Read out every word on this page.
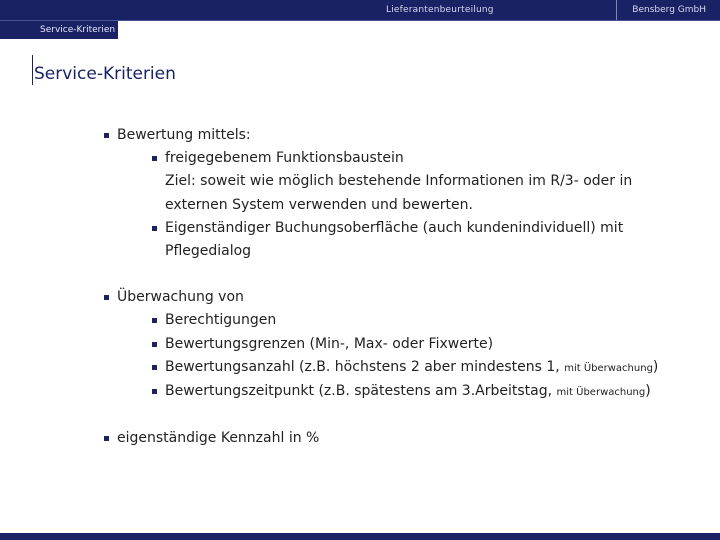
Lieferantenbeurteilung	Bensberg GmbH
Service-Kriterien
Service-Kriterien
Bewertung mittels:
freigegebenem Funktionsbaustein
Ziel: soweit wie möglich bestehende Informationen im R/3- oder in
externen System verwenden und bewerten.
Eigenständiger Buchungsoberfläche (auch kundenindividuell) mit
Pflegedialog
Überwachung von
Berechtigungen
Bewertungsgrenzen (Min-, Max- oder Fixwerte)
Bewertungsanzahl (z.B. höchstens 2 aber mindestens 1, mit Überwachung)
Bewertungszeitpunkt (z.B. spätestens am 3.Arbeitstag, mit Überwachung)
eigenständige Kennzahl in %
